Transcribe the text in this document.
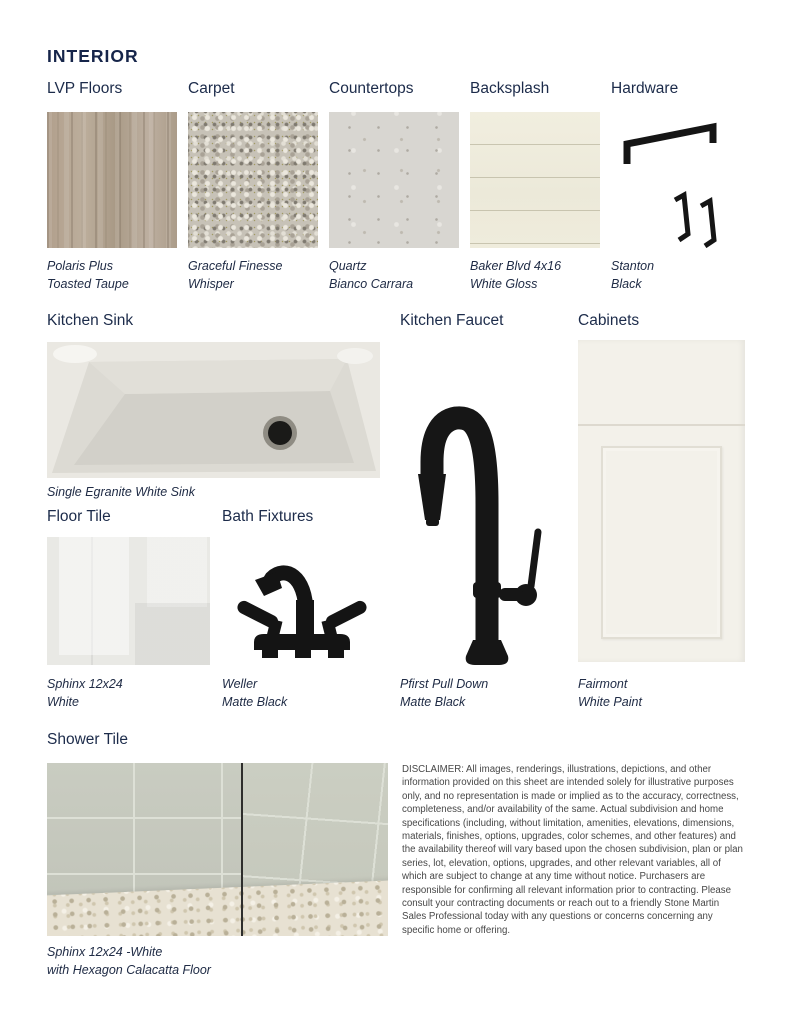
INTERIOR
LVP Floors	Carpet	Countertops	Backsplash	Hardware
Polaris Plus
Toasted Taupe
Graceful Finesse
Whisper
Quartz
Bianco Carrara
Baker Blvd 4x16
White Gloss
Stanton
Black
Kitchen Sink	Kitchen Faucet	Cabinets
Single Egranite White Sink
Floor Tile	Bath Fixtures
Sphinx 12x24
White
Weller
Matte Black
Pfirst Pull Down
Matte Black
Fairmont
White Paint
Shower Tile
DISCLAIMER: All images, renderings, illustrations, depictions, and other information provided on this sheet are intended solely for illustrative purposes only, and no representation is made or implied as to the accuracy, correctness, completeness, and/or availability of the same. Actual subdivision and home specifications (including, without limitation, amenities, elevations, dimensions, materials, finishes, options, upgrades, color schemes, and other features) and the availability thereof will vary based upon the chosen subdivision, plan or plan series, lot, elevation, options, upgrades, and other relevant variables, all of which are subject to change at any time without notice. Purchasers are responsible for confirming all relevant information prior to contracting. Please consult your contracting documents or reach out to a friendly Stone Martin Sales Professional today with any questions or concerns concerning any specific home or offering.
Sphinx 12x24 -White
with Hexagon Calacatta Floor
